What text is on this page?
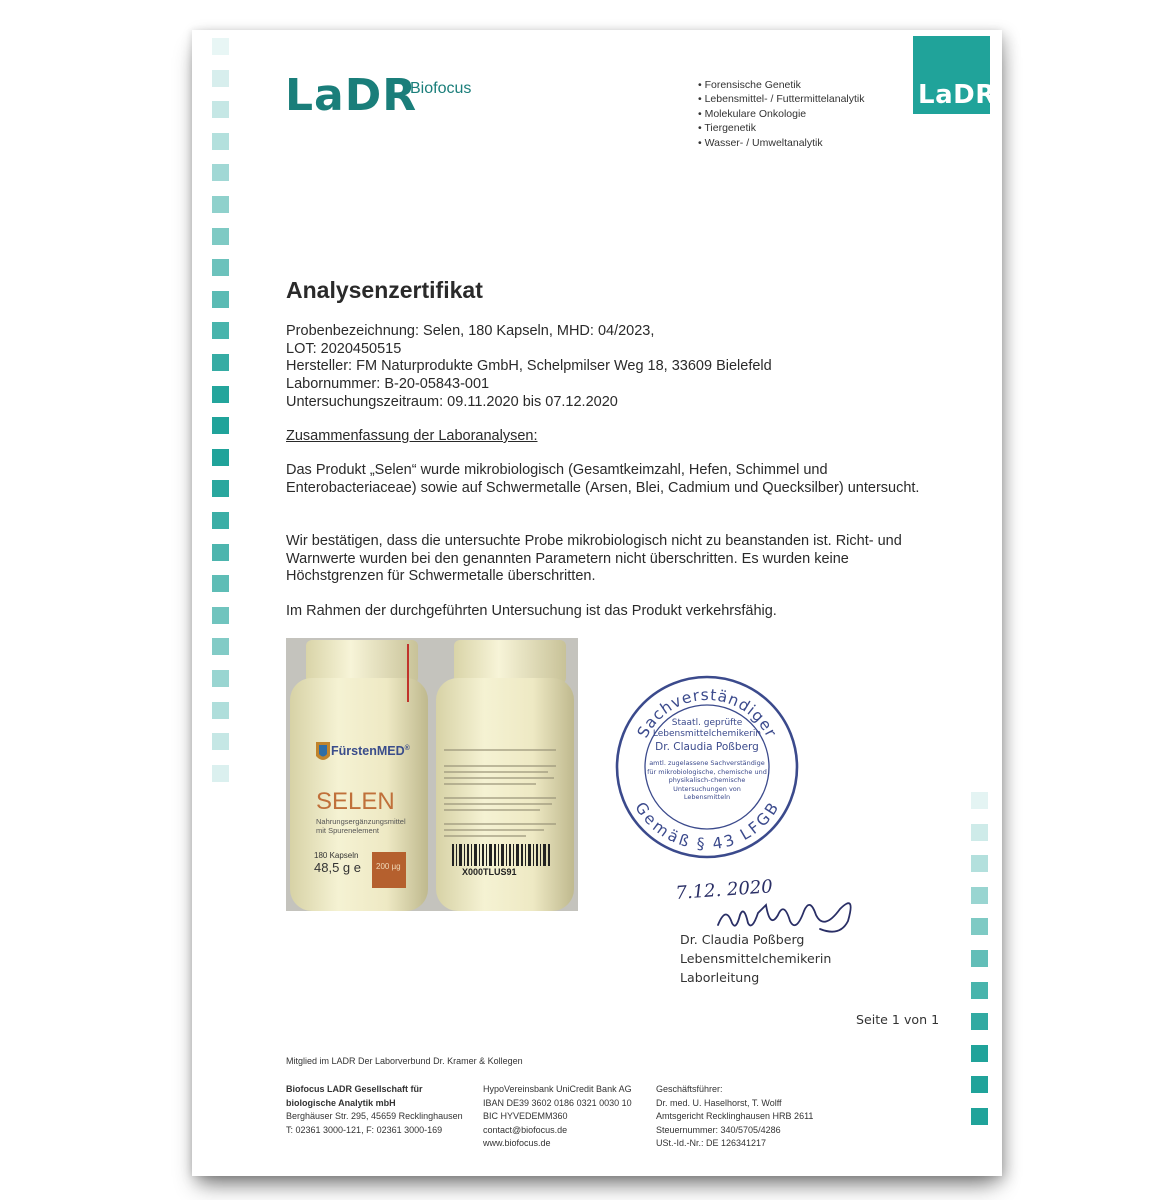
LaDR
Biofocus	• Forensische Genetik
• Lebensmittel- / Futtermittelanalytik
• Molekulare Onkologie
• Tiergenetik
• Wasser- / Umweltanalytik
LaDR
Analysenzertifikat
Probenbezeichnung: Selen, 180 Kapseln, MHD: 04/2023,
LOT: 2020450515
Hersteller: FM Naturprodukte GmbH, Schelpmilser Weg 18, 33609 Bielefeld
Labornummer: B-20-05843-001
Untersuchungszeitraum: 09.11.2020 bis 07.12.2020
Zusammenfassung der Laboranalysen:
Das Produkt „Selen“ wurde mikrobiologisch (Gesamtkeimzahl, Hefen, Schimmel und Enterobacteriaceae) sowie auf Schwermetalle (Arsen, Blei, Cadmium und Quecksilber) untersucht.
Wir bestätigen, dass die untersuchte Probe mikrobiologisch nicht zu beanstanden ist. Richt- und Warnwerte wurden bei den genannten Parametern nicht überschritten. Es wurden keine Höchstgrenzen für Schwermetalle überschritten.
Im Rahmen der durchgeführten Untersuchung ist das Produkt verkehrsfähig.
FürstenMED®
SELEN
Nahrungsergänzungsmittel
mit Spurenelement
180 Kapseln
48,5 g e 200 µg
X000TLUS91
Sachverständiger
Gemäß § 43 LFGB
Staatl. geprüfte
Lebensmittelchemikerin
Dr. Claudia Poßberg
amtl. zugelassene Sachverständige
für mikrobiologische, chemische und
physikalisch-chemische
Untersuchungen von
Lebensmitteln
7.12. 2020
Dr. Claudia Poßberg
Lebensmittelchemikerin
Laborleitung
Seite 1 von 1
Mitglied im LADR Der Laborverbund Dr. Kramer & Kollegen
Biofocus LADR Gesellschaft für
biologische Analytik mbH
Berghäuser Str. 295, 45659 Recklinghausen
T: 02361 3000-121, F: 02361 3000-169
HypoVereinsbank UniCredit Bank AG
IBAN DE39 3602 0186 0321 0030 10
BIC HYVEDEMM360
contact@biofocus.de
www.biofocus.de
Geschäftsführer:
Dr. med. U. Haselhorst, T. Wolff
Amtsgericht Recklinghausen HRB 2611
Steuernummer: 340/5705/4286
USt.-Id.-Nr.: DE 126341217
